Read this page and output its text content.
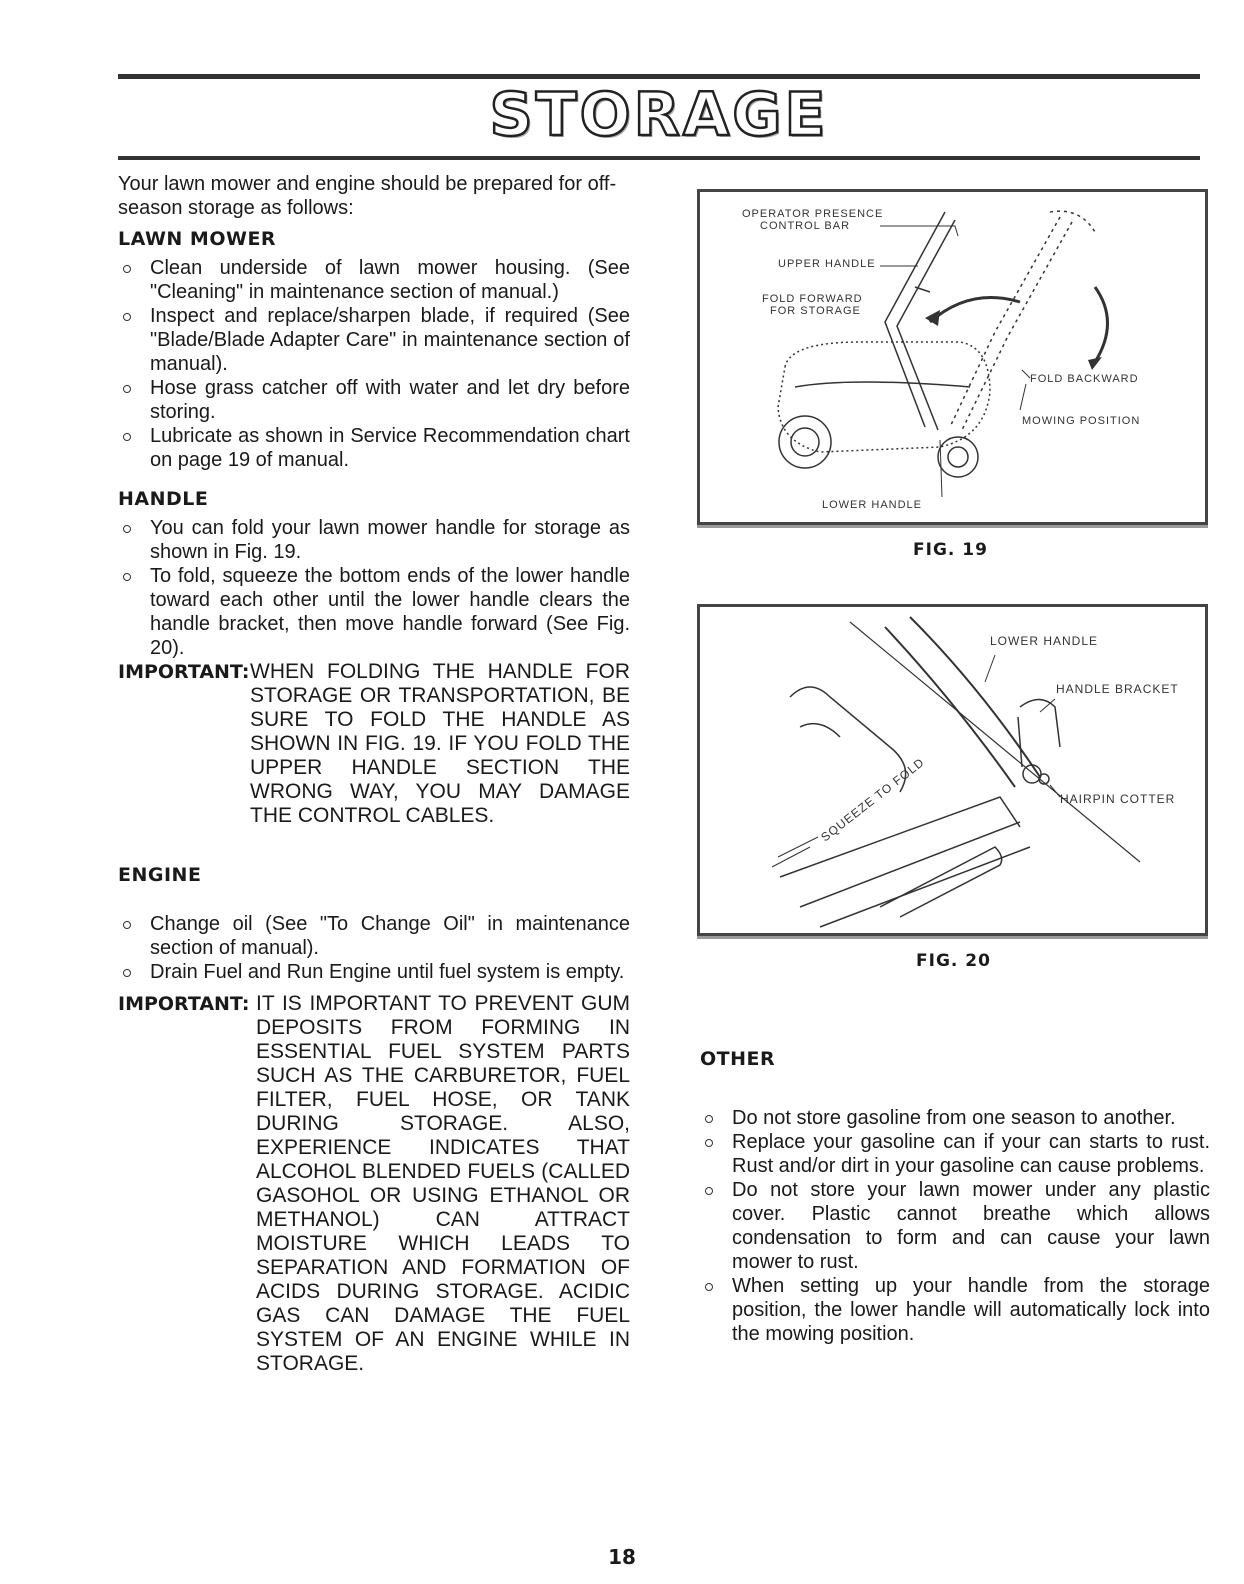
STORAGE

Your lawn mower and engine should be prepared for off-season storage as follows:

LAWN MOWER
Clean underside of lawn mower housing. (See "Cleaning" in maintenance section of manual.)
Inspect and replace/sharpen blade, if required (See "Blade/Blade Adapter Care" in maintenance section of manual).
Hose grass catcher off with water and let dry before storing.
Lubricate as shown in Service Recommendation chart on page 19 of manual.
HANDLE
You can fold your lawn mower handle for storage as shown in Fig. 19.
To fold, squeeze the bottom ends of the lower handle toward each other until the lower handle clears the handle bracket, then move handle forward (See Fig. 20).
IMPORTANT: WHEN FOLDING THE HANDLE FOR STORAGE OR TRANSPORTATION, BE SURE TO FOLD THE HANDLE AS SHOWN IN FIG. 19. IF YOU FOLD THE UPPER HANDLE SECTION THE WRONG WAY, YOU MAY DAMAGE THE CONTROL CABLES.
ENGINE
Change oil (See "To Change Oil" in maintenance section of manual).
Drain Fuel and Run Engine until fuel system is empty.
IMPORTANT: IT IS IMPORTANT TO PREVENT GUM DEPOSITS FROM FORMING IN ESSENTIAL FUEL SYSTEM PARTS SUCH AS THE CARBURETOR, FUEL FILTER, FUEL HOSE, OR TANK DURING STORAGE. ALSO, EXPERIENCE INDICATES THAT ALCOHOL BLENDED FUELS (CALLED GASOHOL OR USING ETHANOL OR METHANOL) CAN ATTRACT MOISTURE WHICH LEADS TO SEPARATION AND FORMATION OF ACIDS DURING STORAGE. ACIDIC GAS CAN DAMAGE THE FUEL SYSTEM OF AN ENGINE WHILE IN STORAGE.
OPERATOR PRESENCE
CONTROL BAR
UPPER HANDLE
FOLD FORWARD
FOR STORAGE
FOLD BACKWARD
MOWING POSITION
LOWER HANDLE
FIG. 19
LOWER HANDLE
HANDLE BRACKET
HAIRPIN COTTER
SQUEEZE TO FOLD
FIG. 20
OTHER
Do not store gasoline from one season to another.
Replace your gasoline can if your can starts to rust. Rust and/or dirt in your gasoline can cause problems.
Do not store your lawn mower under any plastic cover. Plastic cannot breathe which allows condensation to form and can cause your lawn mower to rust.
When setting up your handle from the storage position, the lower handle will automatically lock into the mowing position.
18
